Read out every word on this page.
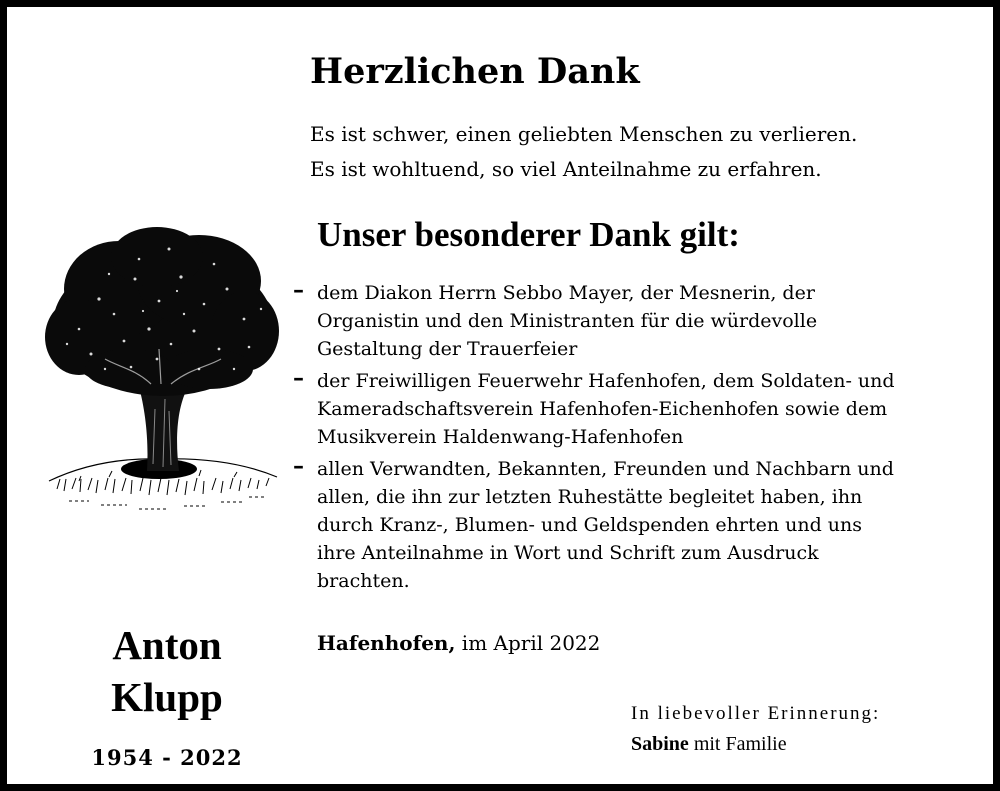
Herzlichen Dank

Es ist schwer, einen geliebten Menschen zu verlieren.

Es ist wohltuend, so viel Anteilnahme zu erfahren.

Unser besonderer Dank gilt:
– dem Diakon Herrn Sebbo Mayer, der Mesnerin, der
Organistin und den Ministranten für die würdevolle
Gestaltung der Trauerfeier
– der Freiwilligen Feuerwehr Hafenhofen, dem Soldaten- und
Kameradschaftsverein Hafenhofen-Eichenhofen sowie dem
Musikverein Haldenwang-Hafenhofen
– allen Verwandten, Bekannten, Freunden und Nachbarn und
allen, die ihn zur letzten Ruhestätte begleitet haben, ihn
durch Kranz-, Blumen- und Geldspenden ehrten und uns
ihre Anteilnahme in Wort und Schrift zum Ausdruck
brachten.

Hafenhofen, im April 2022

In liebevoller Erinnerung:

Sabine mit Familie

Anton

Klupp

1954 - 2022
